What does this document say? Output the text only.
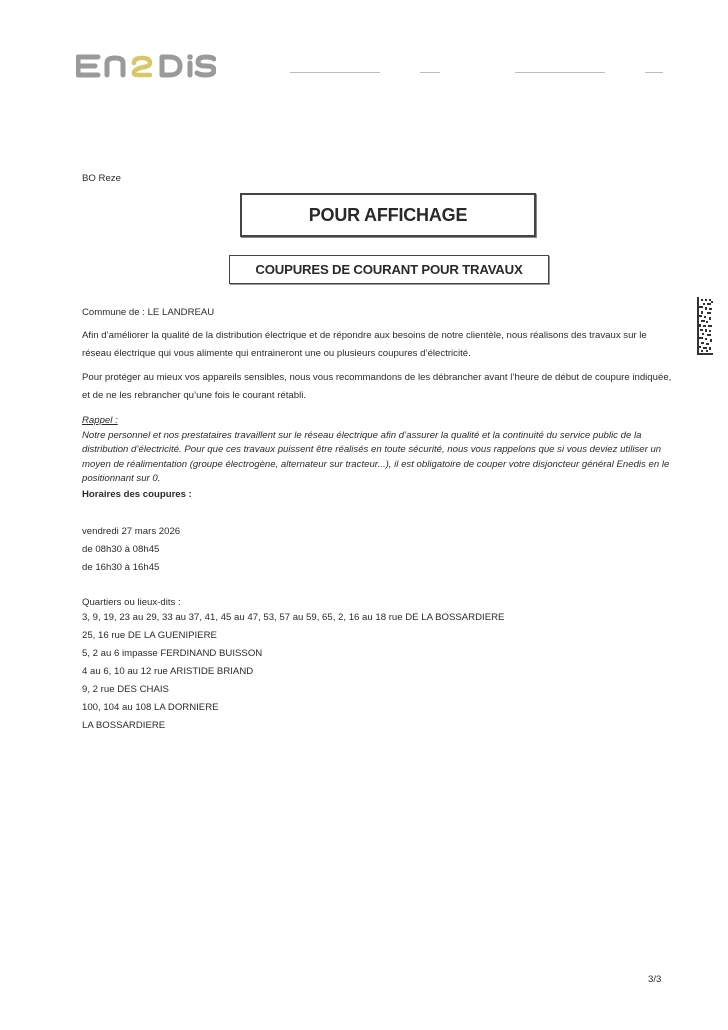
BO Reze
POUR AFFICHAGE
COUPURES DE COURANT POUR TRAVAUX
Commune de : LE LANDREAU
Afin d’améliorer la qualité de la distribution électrique et de répondre aux besoins de notre clientèle, nous réalisons des travaux sur le réseau électrique qui vous alimente qui entraineront une ou plusieurs coupures d’électricité.
Pour protéger au mieux vos appareils sensibles, nous vous recommandons de les débrancher avant l’heure de début de coupure indiquée, et de ne les rebrancher qu’une fois le courant rétabli.
Rappel :
Notre personnel et nos prestataires travaillent sur le réseau électrique afin d’assurer la qualité et la continuité du service public de la distribution d’électricité. Pour que ces travaux puissent être réalisés en toute sécurité, nous vous rappelons que si vous deviez utiliser un moyen de réalimentation (groupe électrogène, alternateur sur tracteur...), il est obligatoire de couper votre disjoncteur général Enedis en le positionnant sur 0.
Horaires des coupures :
vendredi 27 mars 2026
de 08h30 à 08h45
de 16h30 à 16h45
Quartiers ou lieux-dits :
3, 9, 19, 23 au 29, 33 au 37, 41, 45 au 47, 53, 57 au 59, 65, 2, 16 au 18 rue DE LA BOSSARDIERE
25, 16 rue DE LA GUENIPIERE
5, 2 au 6 impasse FERDINAND BUISSON
4 au 6, 10 au 12 rue ARISTIDE BRIAND
9, 2 rue DES CHAIS
100, 104 au 108 LA DORNIERE
LA BOSSARDIERE
3/3
